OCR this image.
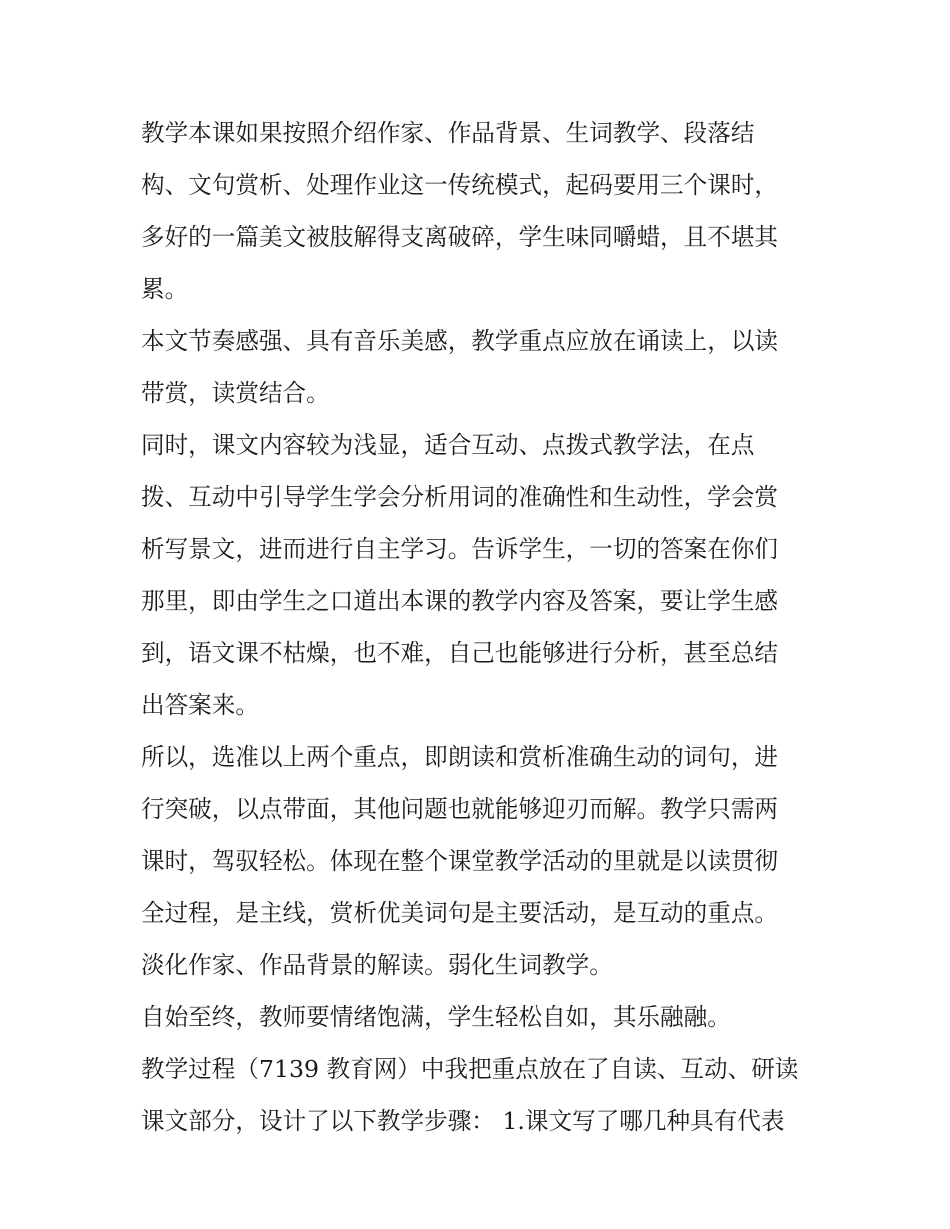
教学本课如果按照介绍作家、作品背景、生词教学、段落结
构、文句赏析、处理作业这一传统模式，起码要用三个课时，
多好的一篇美文被肢解得支离破碎，学生味同嚼蜡，且不堪其
累。
本文节奏感强、具有音乐美感，教学重点应放在诵读上，以读
带赏，读赏结合。
同时，课文内容较为浅显，适合互动、点拨式教学法，在点
拨、互动中引导学生学会分析用词的准确性和生动性，学会赏
析写景文，进而进行自主学习。告诉学生，一切的答案在你们
那里，即由学生之口道出本课的教学内容及答案，要让学生感
到，语文课不枯燥，也不难，自己也能够进行分析，甚至总结
出答案来。
所以，选准以上两个重点，即朗读和赏析准确生动的词句，进
行突破，以点带面，其他问题也就能够迎刃而解。教学只需两
课时，驾驭轻松。体现在整个课堂教学活动的里就是以读贯彻
全过程，是主线，赏析优美词句是主要活动，是互动的重点。
淡化作家、作品背景的解读。弱化生词教学。
自始至终，教师要情绪饱满，学生轻松自如，其乐融融。
教学过程（7139 教育网）中我把重点放在了自读、互动、研读
课文部分，设计了以下教学步骤： 1.课文写了哪几种具有代表
